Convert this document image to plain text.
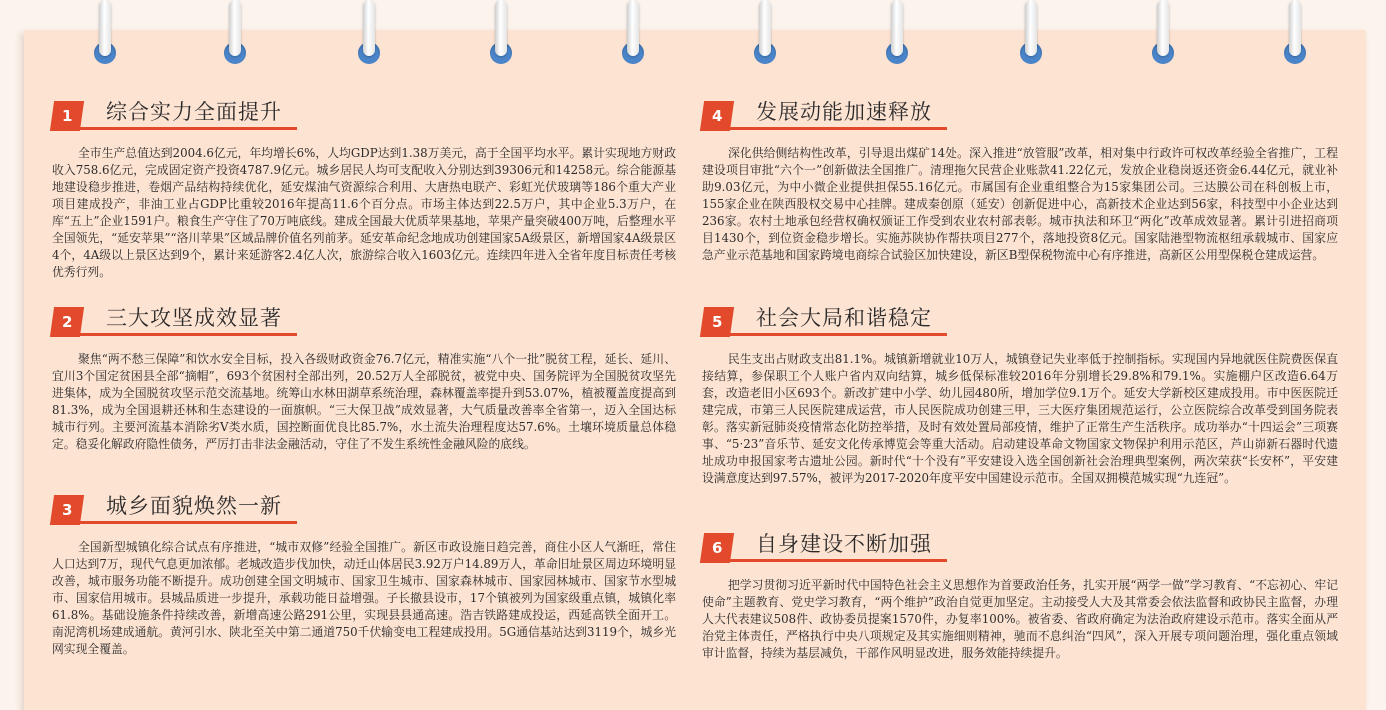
1	综合实力全面提升
全市生产总值达到2004.6亿元，年均增长6%，人均GDP达到1.38万美元，高于全国平均水平。累计实现地方财政收入758.6亿元，完成固定资产投资4787.9亿元。城乡居民人均可支配收入分别达到39306元和14258元。综合能源基地建设稳步推进，卷烟产品结构持续优化，延安煤油气资源综合利用、大唐热电联产、彩虹光伏玻璃等186个重大产业项目建成投产，非油工业占GDP比重较2016年提高11.6个百分点。市场主体达到22.5万户，其中企业5.3万户，在库“五上”企业1591户。粮食生产守住了70万吨底线。建成全国最大优质苹果基地，苹果产量突破400万吨，后整理水平全国领先，“延安苹果”“洛川苹果”区域品牌价值名列前茅。延安革命纪念地成功创建国家5A级景区，新增国家4A级景区4个，4A级以上景区达到9个，累计来延游客2.4亿人次，旅游综合收入1603亿元。连续四年进入全省年度目标责任考核优秀行列。
2	三大攻坚成效显著
聚焦“两不愁三保障”和饮水安全目标，投入各级财政资金76.7亿元，精准实施“八个一批”脱贫工程，延长、延川、宜川3个国定贫困县全部“摘帽”，693个贫困村全部出列，20.52万人全部脱贫，被党中央、国务院评为全国脱贫攻坚先进集体，成为全国脱贫攻坚示范交流基地。统筹山水林田湖草系统治理，森林覆盖率提升到53.07%，植被覆盖度提高到81.3%，成为全国退耕还林和生态建设的一面旗帜。“三大保卫战”成效显著，大气质量改善率全省第一，迈入全国达标城市行列。主要河流基本消除劣V类水质，国控断面优良比85.7%，水土流失治理程度达57.6%。土壤环境质量总体稳定。稳妥化解政府隐性债务，严厉打击非法金融活动，守住了不发生系统性金融风险的底线。
3	城乡面貌焕然一新
全国新型城镇化综合试点有序推进，“城市双修”经验全国推广。新区市政设施日趋完善，商住小区人气渐旺，常住人口达到7万，现代气息更加浓郁。老城改造步伐加快，动迁山体居民3.92万户14.89万人，革命旧址景区周边环境明显改善，城市服务功能不断提升。成功创建全国文明城市、国家卫生城市、国家森林城市、国家园林城市、国家节水型城市、国家信用城市。县城品质进一步提升，承载功能日益增强。子长撤县设市，17个镇被列为国家级重点镇，城镇化率61.8%。基础设施条件持续改善，新增高速公路291公里，实现县县通高速。浩吉铁路建成投运，西延高铁全面开工。南泥湾机场建成通航。黄河引水、陕北至关中第二通道750千伏输变电工程建成投用。5G通信基站达到3119个，城乡光网实现全覆盖。
4	发展动能加速释放
深化供给侧结构性改革，引导退出煤矿14处。深入推进“放管服”改革，相对集中行政许可权改革经验全省推广，工程建设项目审批“六个一”创新做法全国推广。清理拖欠民营企业账款41.22亿元，发放企业稳岗返还资金6.44亿元，就业补助9.03亿元，为中小微企业提供担保55.16亿元。市属国有企业重组整合为15家集团公司。三达膜公司在科创板上市，155家企业在陕西股权交易中心挂牌。建成秦创原（延安）创新促进中心，高新技术企业达到56家，科技型中小企业达到236家。农村土地承包经营权确权颁证工作受到农业农村部表彰。城市执法和环卫“两化”改革成效显著。累计引进招商项目1430个，到位资金稳步增长。实施苏陕协作帮扶项目277个，落地投资8亿元。国家陆港型物流枢纽承载城市、国家应急产业示范基地和国家跨境电商综合试验区加快建设，新区B型保税物流中心有序推进，高新区公用型保税仓建成运营。
5	社会大局和谐稳定
民生支出占财政支出81.1%。城镇新增就业10万人，城镇登记失业率低于控制指标。实现国内异地就医住院费医保直接结算，参保职工个人账户省内双向结算，城乡低保标准较2016年分别增长29.8%和79.1%。实施棚户区改造6.64万套，改造老旧小区693个。新改扩建中小学、幼儿园480所，增加学位9.1万个。延安大学新校区建成投用。市中医医院迁建完成，市第三人民医院建成运营，市人民医院成功创建三甲，三大医疗集团规范运行，公立医院综合改革受到国务院表彰。落实新冠肺炎疫情常态化防控举措，及时有效处置局部疫情，维护了正常生产生活秩序。成功举办“十四运会”三项赛事、“5·23”音乐节、延安文化传承博览会等重大活动。启动建设革命文物国家文物保护利用示范区，芦山峁新石器时代遗址成功申报国家考古遗址公园。新时代“十个没有”平安建设入选全国创新社会治理典型案例，两次荣获“长安杯”，平安建设满意度达到97.57%，被评为2017-2020年度平安中国建设示范市。全国双拥模范城实现“九连冠”。
6	自身建设不断加强
把学习贯彻习近平新时代中国特色社会主义思想作为首要政治任务，扎实开展“两学一做”学习教育、“不忘初心、牢记使命”主题教育、党史学习教育，“两个维护”政治自觉更加坚定。主动接受人大及其常委会依法监督和政协民主监督，办理人大代表建议508件、政协委员提案1570件，办复率100%。被省委、省政府确定为法治政府建设示范市。落实全面从严治党主体责任，严格执行中央八项规定及其实施细则精神，驰而不息纠治“四风”，深入开展专项问题治理，强化重点领域审计监督，持续为基层减负，干部作风明显改进，服务效能持续提升。
